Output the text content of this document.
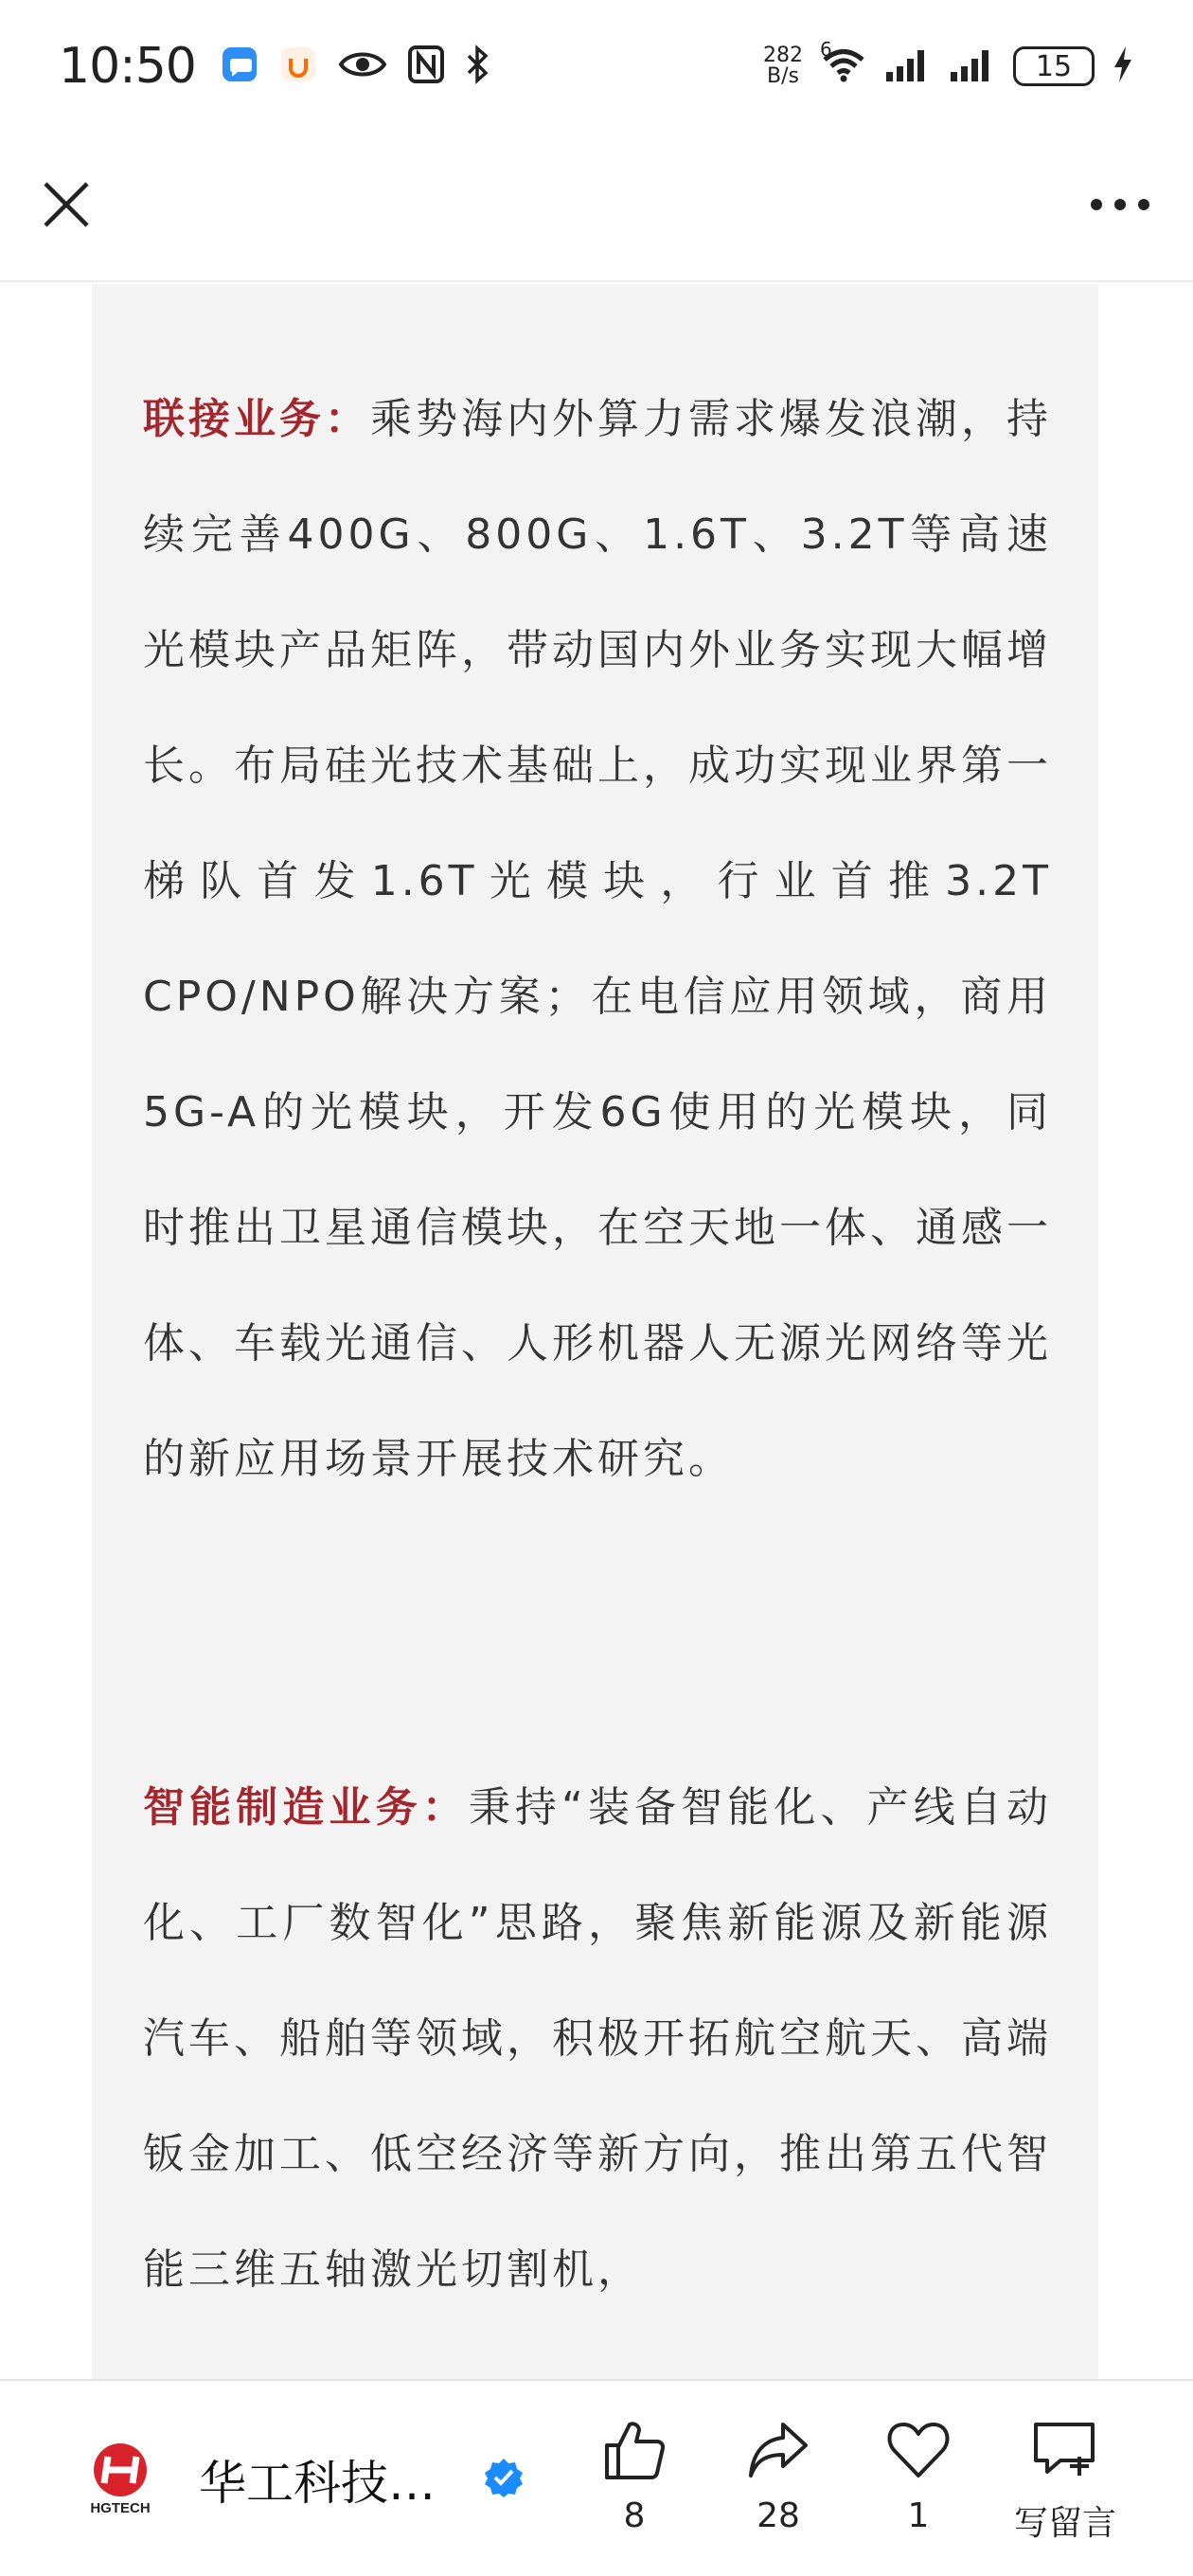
10:50	282
B/s
6
15

联接业务：乘势海内外算力需求爆发浪潮，持续完善400G、800G、1.6T、3.2T等高速光模块产品矩阵，带动国内外业务实现大幅增长。布局硅光技术基础上，成功实现业界第一梯队首发1.6T光模块，行业首推3.2T CPO/NPO解决方案；在电信应用领域，商用5G-A的光模块，开发6G使用的光模块，同时推出卫星通信模块，在空天地一体、通感一体、车载光通信、人形机器人无源光网络等光的新应用场景开展技术研究。

智能制造业务：秉持“装备智能化、产线自动化、工厂数智化”思路，聚焦新能源及新能源汽车、船舶等领域，积极开拓航空航天、高端钣金加工、低空经济等新方向，推出第五代智能三维五轴激光切割机，

HGTECH 华工科技…
8	28	1	写留言
